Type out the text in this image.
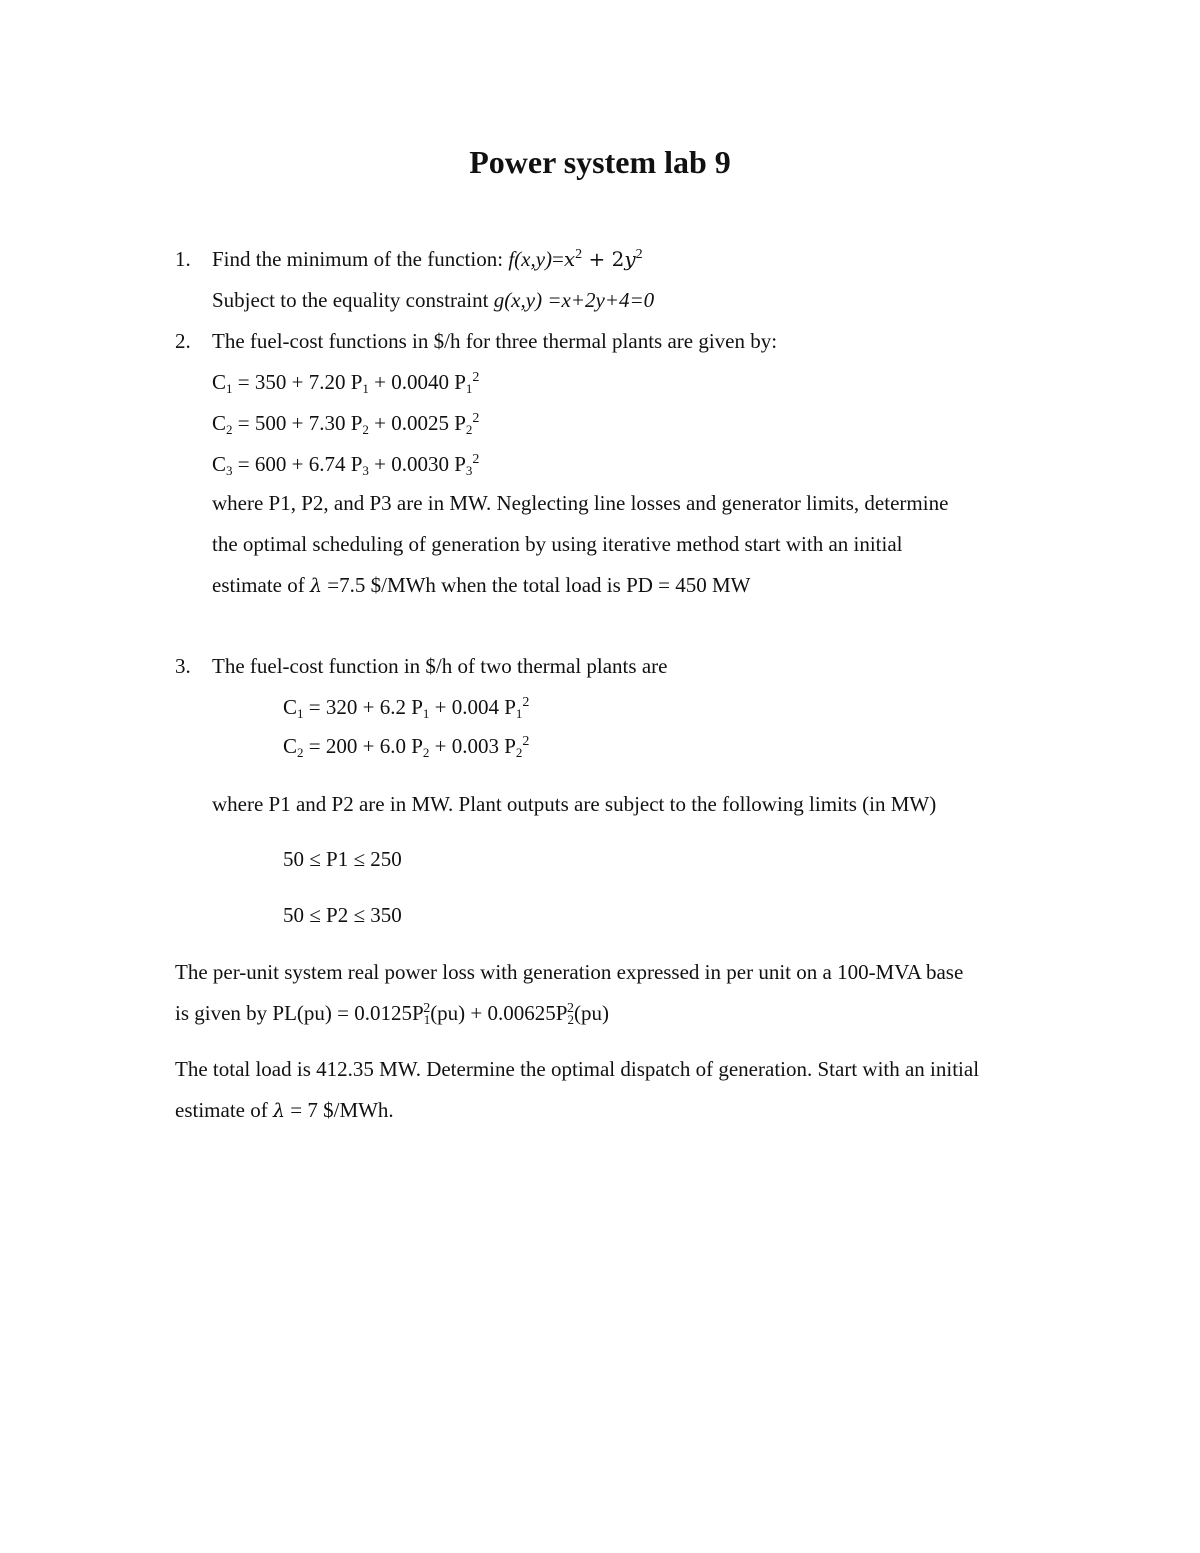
Power system lab 9
1. Find the minimum of the function: $f(x,y)=x^2 + 2y^2$
Subject to the equality constraint g(x,y) =x+2y+4=0
2. The fuel-cost functions in $/h for three thermal plants are given by:
$C_1 = 350 + 7.20$ $P_1 + 0.0040$ $P_1^2$
$C_2 = 500 + 7.30$ $P_2 + 0.0025$ $P_2^2$
$C_3 = 600 + 6.74$ $P_3 + 0.0030$ $P_3^2$
where P1, P2, and P3 are in MW. Neglecting line losses and generator limits, determine
the optimal scheduling of generation by using iterative method start with an initial
estimate of λ =7.5 $/MWh when the total load is PD = 450 MW
3. The fuel-cost function in $/h of two thermal plants are
$C_1 = 320 + 6.2$ $P_1 + 0.004$ $P_1^2$
$C_2 = 200 + 6.0$ $P_2 + 0.003$ $P_2^2$
where P1 and P2 are in MW. Plant outputs are subject to the following limits (in MW)
50 ≤ P1 ≤ 250
50 ≤ P2 ≤ 350
The per-unit system real power loss with generation expressed in per unit on a 100-MVA base
is given by $PL(pu) = 0.0125P_1^2(pu) + 0.00625P_2^2(pu)$
The total load is 412.35 MW. Determine the optimal dispatch of generation. Start with an initial
estimate of λ = 7 $/MWh.
